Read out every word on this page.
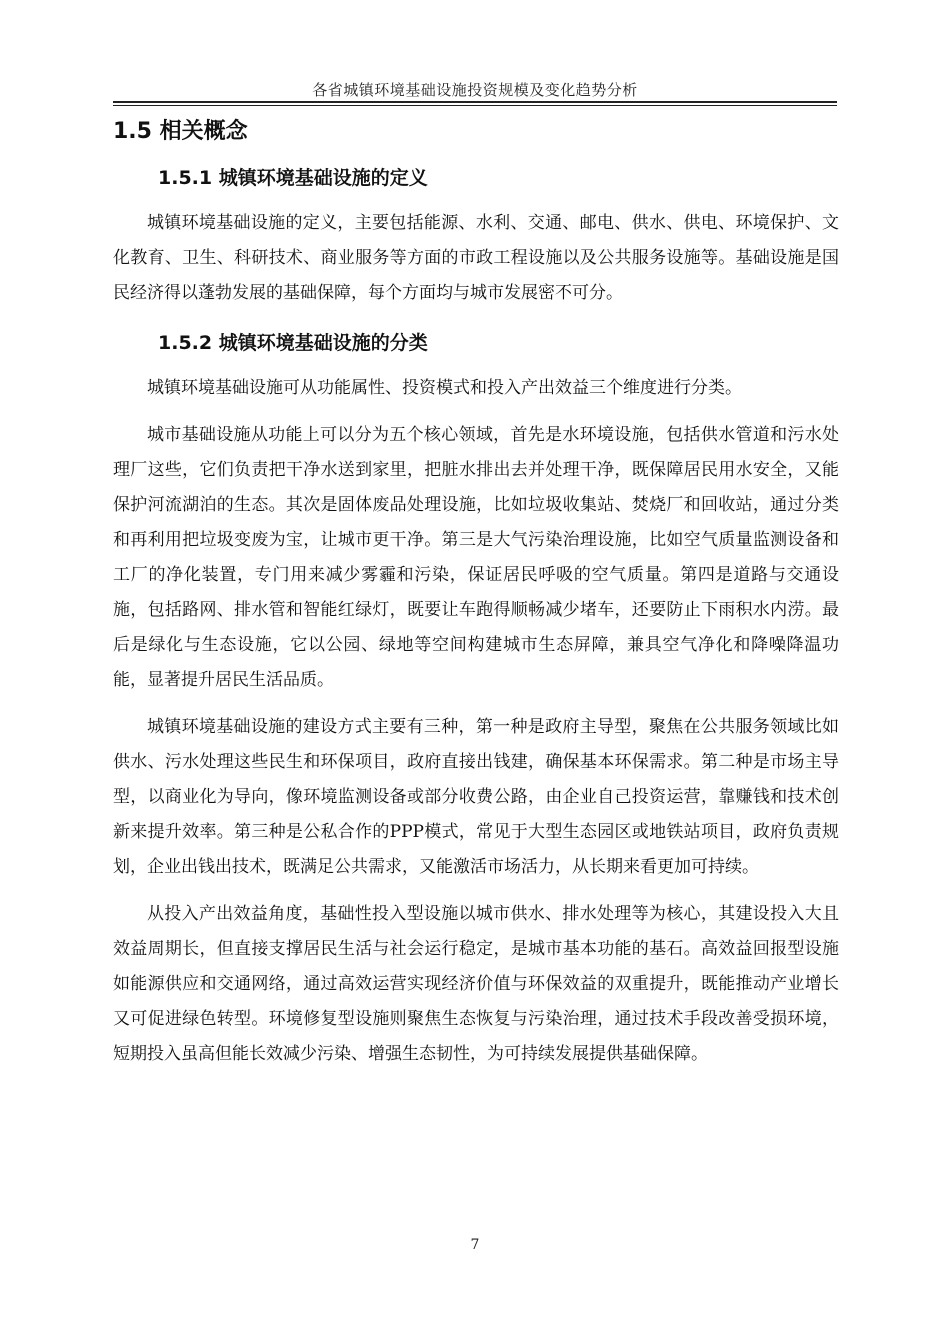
各省城镇环境基础设施投资规模及变化趋势分析
1.5 相关概念
1.5.1 城镇环境基础设施的定义

城镇环境基础设施的定义，主要包括能源、水利、交通、邮电、供水、供电、环境保护、文化教育、卫生、科研技术、商业服务等方面的市政工程设施以及公共服务设施等。基础设施是国民经济得以蓬勃发展的基础保障，每个方面均与城市发展密不可分。

1.5.2 城镇环境基础设施的分类

城镇环境基础设施可从功能属性、投资模式和投入产出效益三个维度进行分类。

城市基础设施从功能上可以分为五个核心领域，首先是水环境设施，包括供水管道和污水处理厂这些，它们负责把干净水送到家里，把脏水排出去并处理干净，既保障居民用水安全，又能保护河流湖泊的生态。其次是固体废品处理设施，比如垃圾收集站、焚烧厂和回收站，通过分类和再利用把垃圾变废为宝，让城市更干净。第三是大气污染治理设施，比如空气质量监测设备和工厂的净化装置，专门用来减少雾霾和污染，保证居民呼吸的空气质量。第四是道路与交通设施，包括路网、排水管和智能红绿灯，既要让车跑得顺畅减少堵车，还要防止下雨积水内涝。最后是绿化与生态设施，它以公园、绿地等空间构建城市生态屏障，兼具空气净化和降噪降温功能，显著提升居民生活品质。

城镇环境基础设施的建设方式主要有三种，第一种是政府主导型，聚焦在公共服务领域比如供水、污水处理这些民生和环保项目，政府直接出钱建，确保基本环保需求。第二种是市场主导型，以商业化为导向，像环境监测设备或部分收费公路，由企业自己投资运营，靠赚钱和技术创新来提升效率。第三种是公私合作的PPP模式，常见于大型生态园区或地铁站项目，政府负责规划，企业出钱出技术，既满足公共需求，又能激活市场活力，从长期来看更加可持续。

从投入产出效益角度，基础性投入型设施以城市供水、排水处理等为核心，其建设投入大且效益周期长，但直接支撑居民生活与社会运行稳定，是城市基本功能的基石。高效益回报型设施如能源供应和交通网络，通过高效运营实现经济价值与环保效益的双重提升，既能推动产业增长又可促进绿色转型。环境修复型设施则聚焦生态恢复与污染治理，通过技术手段改善受损环境，短期投入虽高但能长效减少污染、增强生态韧性，为可持续发展提供基础保障。

7
